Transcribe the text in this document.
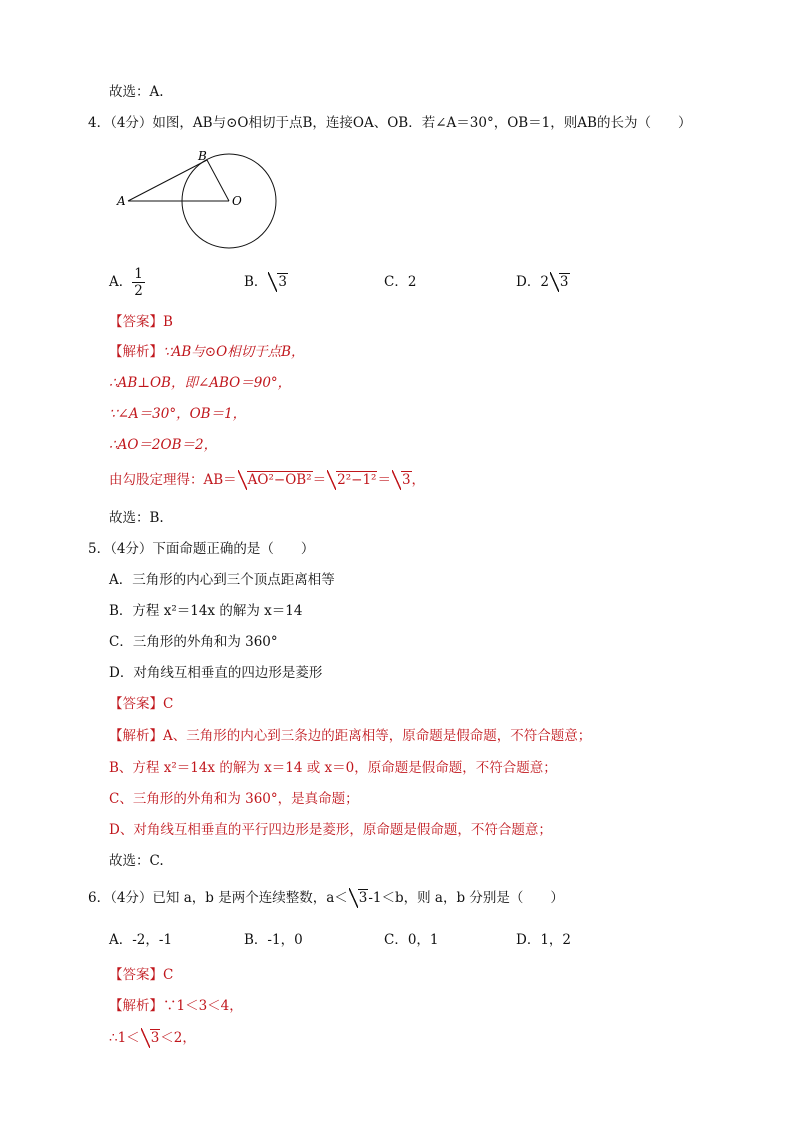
故选：A.
4．（4分）如图，AB与⊙O相切于点B，连接OA、OB．若∠A＝30°，OB＝1，则AB的长为（　　）
B
A	O
A． $\frac{1}{2}$	B． 3	C．2	D．2 3
【答案】B
【解析】∵AB与⊙O相切于点B，
∴AB⊥OB，即∠ABO＝90°，
∵∠A＝30°，OB＝1，
∴AO＝2OB＝2，
由勾股定理得：AB＝ AO²−OB²＝ 2²−1²＝ 3，
故选：B.
5．（4分）下面命题正确的是（　　）
A．三角形的内心到三个顶点距离相等
B．方程 x²＝14x 的解为 x＝14
C．三角形的外角和为 360°
D．对角线互相垂直的四边形是菱形
【答案】C
【解析】A、三角形的内心到三条边的距离相等，原命题是假命题，不符合题意；
B、方程 x²＝14x 的解为 x＝14 或 x＝0，原命题是假命题，不符合题意；
C、三角形的外角和为 360°，是真命题；
D、对角线互相垂直的平行四边形是菱形，原命题是假命题，不符合题意；
故选：C.
6．（4分）已知 a，b 是两个连续整数，a＜ 3-1＜b，则 a，b 分别是（　　）
A．-2，-1	B．-1，0	C．0，1	D．1，2
【答案】C
【解析】∵1＜3＜4，
∴1＜ 3＜2，
